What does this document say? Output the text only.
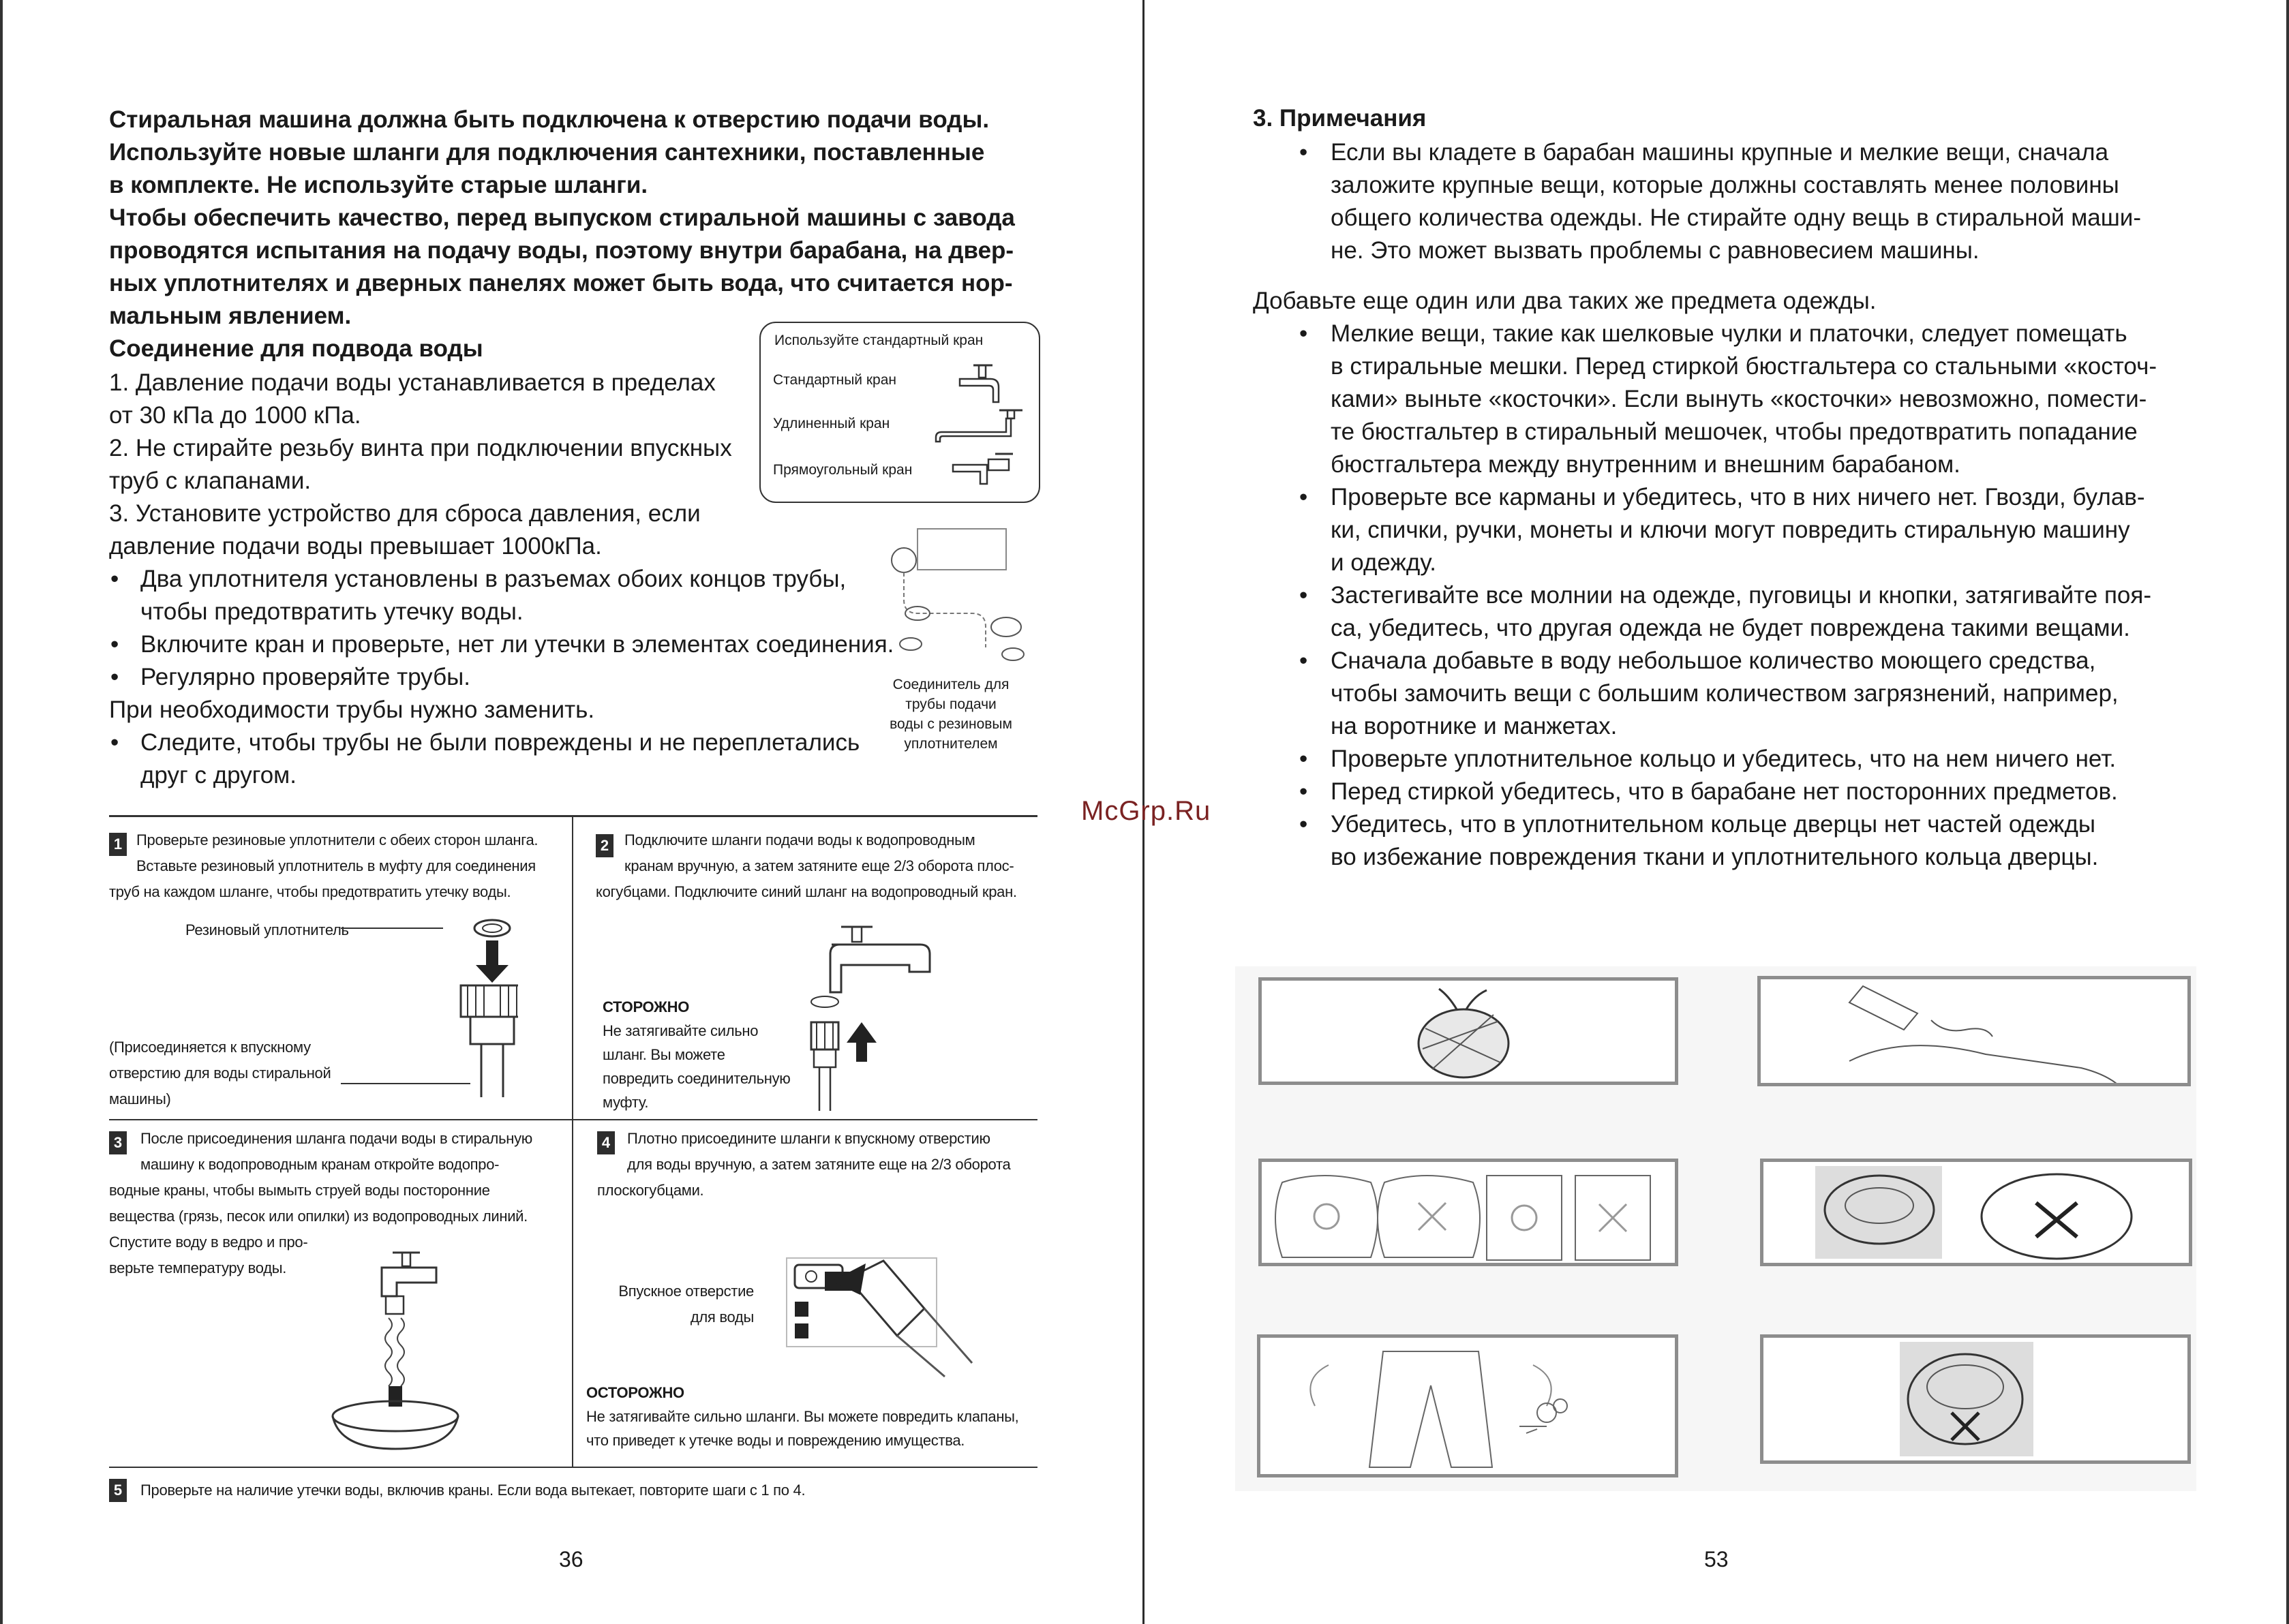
Стиральная машина должна быть подключена к отверстию подачи воды.

Используйте новые шланги для подключения сантехники, поставленные

в комплекте. Не используйте старые шланги.

Чтобы обеспечить качество, перед выпуском стиральной машины с завода

проводятся испытания на подачу воды, поэтому внутри барабана, на двер-

ных уплотнителях и дверных панелях может быть вода, что считается нор-

мальным явлением.

Соединение для подвода воды

1. Давление подачи воды устанавливается в пределах

от 30 кПа до 1000 кПа.

2. Не стирайте резьбу винта при подключении впускных

труб с клапанами.

3. Установите устройство для сброса давления, если

давление подачи воды превышает 1000кПа.

• Два уплотнителя установлены в разъемах обоих концов трубы,

чтобы предотвратить утечку воды.

• Включите кран и проверьте, нет ли утечки в элементах соединения.

• Регулярно проверяйте трубы.

При необходимости трубы нужно заменить.

• Следите, чтобы трубы не были повреждены и не переплетались

друг с другом.

Используйте стандартный кран
Стандартный кран
Удлиненный кран
Прямоугольный кран
Соединитель для
трубы подачи
воды с резиновым
уплотнителем
1 Проверьте резиновые уплотнители с обеих сторон шланга.

Вставьте резиновый уплотнитель в муфту для соединения

труб на каждом шланге, чтобы предотвратить утечку воды.

Резиновый уплотнитель

(Присоединяется к впускному

отверстию для воды стиральной

машины)

2	Подключите шланги подачи воды к водопроводным

кранам вручную, а затем затяните еще 2/3 оборота плос-

когубцами. Подключите синий шланг на водопроводный кран.

СТОРОЖНО

Не затягивайте сильно

шланг. Вы можете

повредить соединительную

муфту.

3	После присоединения шланга подачи воды в стиральную

машину к водопроводным кранам откройте водопро-

водные краны, чтобы вымыть струей воды посторонние

вещества (грязь, песок или опилки) из водопроводных линий.

Спустите воду в ведро и про-

верьте температуру воды.

4	Плотно присоедините шланги к впускному отверстию

для воды вручную, а затем затяните еще на 2/3 оборота

плоскогубцами.

Впускное отверстие

для воды

ОСТОРОЖНО

Не затягивайте сильно шланги. Вы можете повредить клапаны,

что приведет к утечке воды и повреждению имущества.

5	Проверьте на наличие утечки воды, включив краны. Если вода вытекает, повторите шаги с 1 по 4.
36
3. Примечания

• Если вы кладете в барабан машины крупные и мелкие вещи, сначала

заложите крупные вещи, которые должны составлять менее половины

общего количества одежды. Не стирайте одну вещь в стиральной маши-

не. Это может вызвать проблемы с равновесием машины.

Добавьте еще один или два таких же предмета одежды.

• Мелкие вещи, такие как шелковые чулки и платочки, следует помещать

в стиральные мешки. Перед стиркой бюстгальтера со стальными «косточ-

ками» выньте «косточки». Если вынуть «косточки» невозможно, помести-

те бюстгальтер в стиральный мешочек, чтобы предотвратить попадание

бюстгальтера между внутренним и внешним барабаном.

• Проверьте все карманы и убедитесь, что в них ничего нет. Гвозди, булав-

ки, спички, ручки, монеты и ключи могут повредить стиральную машину

и одежду.

• Застегивайте все молнии на одежде, пуговицы и кнопки, затягивайте поя-

са, убедитесь, что другая одежда не будет повреждена такими вещами.

• Сначала добавьте в воду небольшое количество моющего средства,

чтобы замочить вещи с большим количеством загрязнений, например,

на воротнике и манжетах.

• Проверьте уплотнительное кольцо и убедитесь, что на нем ничего нет.

• Перед стиркой убедитесь, что в барабане нет посторонних предметов.

• Убедитесь, что в уплотнительном кольце дверцы нет частей одежды

во избежание повреждения ткани и уплотнительного кольца дверцы.

McGrp.Ru
53
